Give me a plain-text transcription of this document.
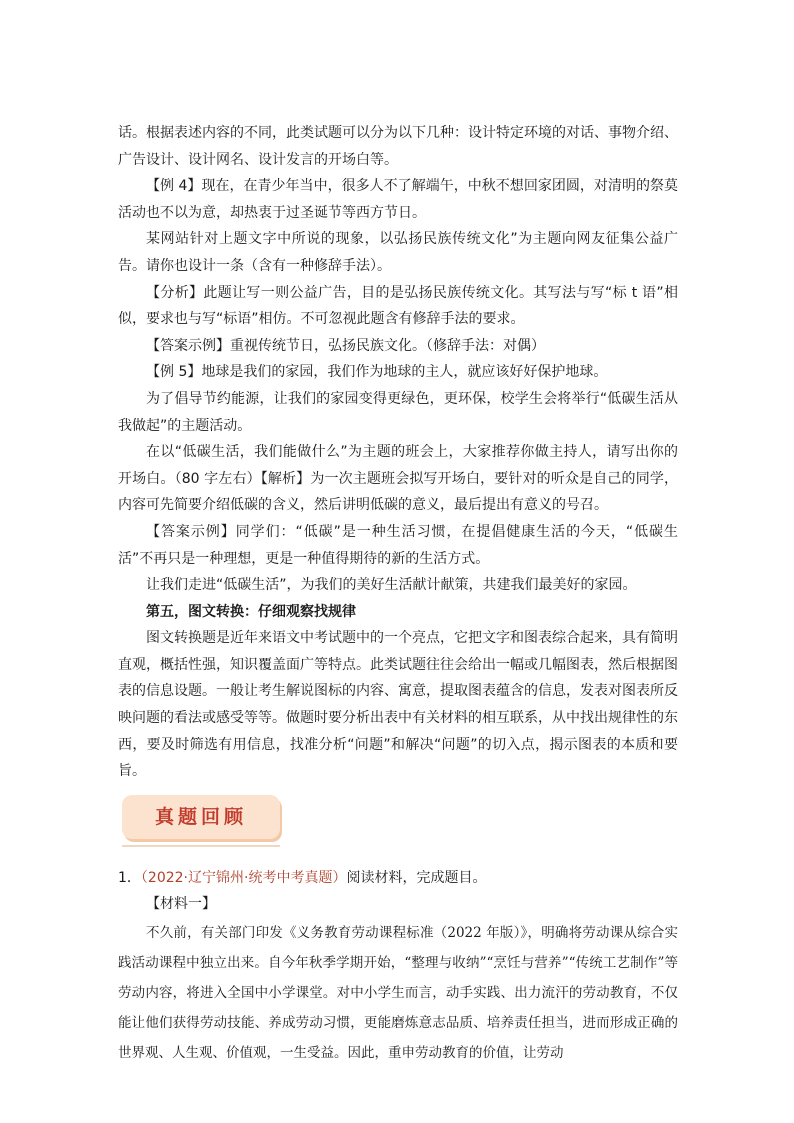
话。根据表述内容的不同，此类试题可以分为以下几种：设计特定环境的对话、事物介绍、广告设计、设计网名、设计发言的开场白等。

【例 4】现在，在青少年当中，很多人不了解端午，中秋不想回家团圆，对清明的祭莫活动也不以为意，却热衷于过圣诞节等西方节日。

某网站针对上题文字中所说的现象，以弘扬民族传统文化”为主题向网友征集公益广告。请你也设计一条（含有一种修辞手法）。

【分析】此题让写一则公益广告，目的是弘扬民族传统文化。其写法与写“标 t 语”相似，要求也与写“标语”相仿。不可忽视此题含有修辞手法的要求。

【答案示例】重视传统节日，弘扬民族文化。（修辞手法：对偶）

【例 5】地球是我们的家园，我们作为地球的主人，就应该好好保护地球。

为了倡导节约能源，让我们的家园变得更绿色，更环保，校学生会将举行“低碳生活从我做起”的主题活动。

在以“低碳生活，我们能做什么”为主题的班会上，大家推荐你做主持人，请写出你的开场白。（80 字左右）【解析】为一次主题班会拟写开场白，要针对的听众是自己的同学，内容可先简要介绍低碳的含义，然后讲明低碳的意义，最后提出有意义的号召。

【答案示例】同学们：“低碳”是一种生活习惯，在提倡健康生活的今天，“低碳生活”不再只是一种理想，更是一种值得期待的新的生活方式。

让我们走进“低碳生活”，为我们的美好生活献计献策，共建我们最美好的家园。

第五，图文转换：仔细观察找规律

图文转换题是近年来语文中考试题中的一个亮点，它把文字和图表综合起来，具有简明直观，概括性强，知识覆盖面广等特点。此类试题往往会给出一幅或几幅图表，然后根据图表的信息设题。一般让考生解说图标的内容、寓意，提取图表蕴含的信息，发表对图表所反映问题的看法或感受等等。做题时要分析出表中有关材料的相互联系，从中找出规律性的东西，要及时筛选有用信息，找准分析“问题”和解决“问题”的切入点，揭示图表的本质和要旨。

真题回顾

1．（2022·辽宁锦州·统考中考真题）阅读材料，完成题目。

【材料一】

不久前，有关部门印发《义务教育劳动课程标准（2022 年版）》，明确将劳动课从综合实践活动课程中独立出来。自今年秋季学期开始，“整理与收纳”“烹饪与营养”“传统工艺制作”等劳动内容，将进入全国中小学课堂。对中小学生而言，动手实践、出力流汗的劳动教育，不仅能让他们获得劳动技能、养成劳动习惯，更能磨炼意志品质、培养责任担当，进而形成正确的世界观、人生观、价值观，一生受益。因此，重申劳动教育的价值，让劳动
